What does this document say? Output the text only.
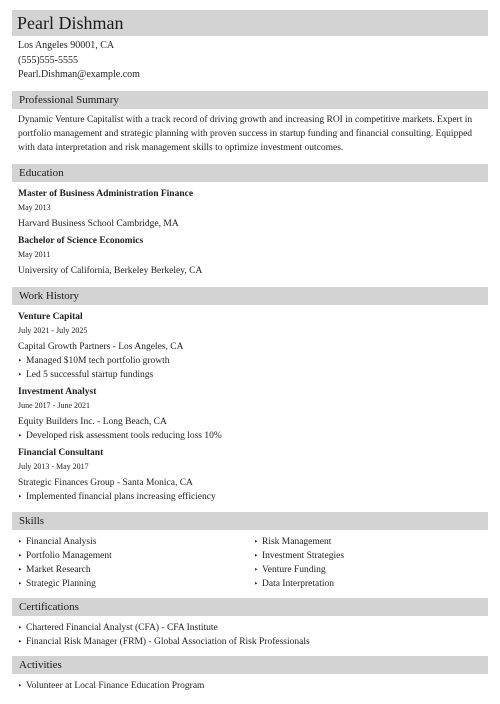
Pearl Dishman
Los Angeles 90001, CA
(555)555-5555
Pearl.Dishman@example.com
Professional Summary
Dynamic Venture Capitalist with a track record of driving growth and increasing ROI in competitive markets. Expert in portfolio management and strategic planning with proven success in startup funding and financial consulting. Equipped with data interpretation and risk management skills to optimize investment outcomes.
Education
Master of Business Administration Finance
May 2013
Harvard Business School Cambridge, MA
Bachelor of Science Economics
May 2011
University of California, Berkeley Berkeley, CA
Work History
Venture Capital
July 2021 - July 2025
Capital Growth Partners - Los Angeles, CA
‣ Managed $10M tech portfolio growth
‣ Led 5 successful startup fundings
Investment Analyst
June 2017 - June 2021
Equity Builders Inc. - Long Beach, CA
‣ Developed risk assessment tools reducing loss 10%
Financial Consultant
July 2013 - May 2017
Strategic Finances Group - Santa Monica, CA
‣ Implemented financial plans increasing efficiency
Skills
‣ Financial Analysis
‣ Portfolio Management
‣ Market Research
‣ Strategic Planning
‣ Risk Management
‣ Investment Strategies
‣ Venture Funding
‣ Data Interpretation
Certifications
‣ Chartered Financial Analyst (CFA) - CFA Institute
‣ Financial Risk Manager (FRM) - Global Association of Risk Professionals
Activities
‣ Volunteer at Local Finance Education Program
